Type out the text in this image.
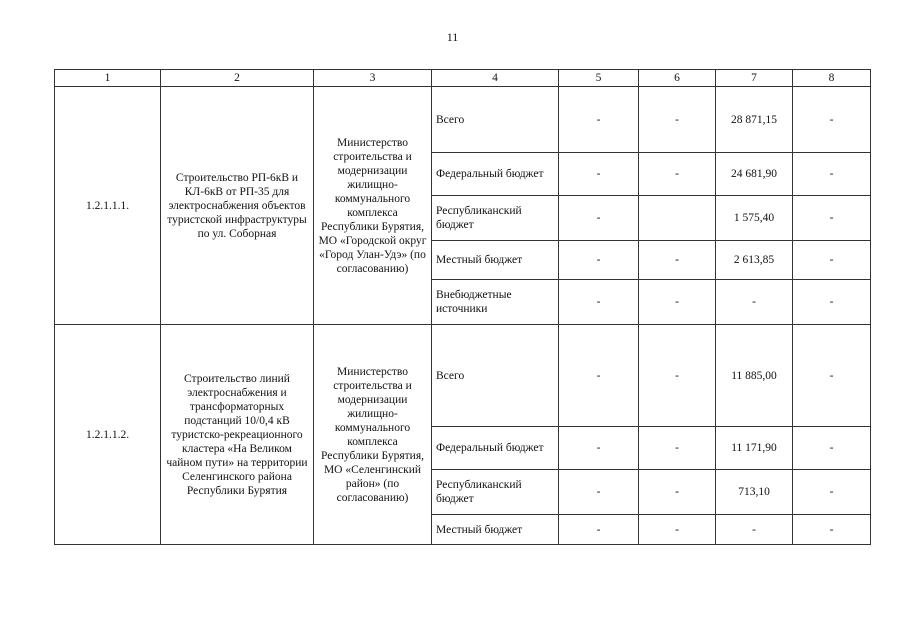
11
1	2	3	4	5	6	7	8
1.2.1.1.1.	Строительство РП-6кВ и КЛ-6кВ от РП-35 для электроснабжения объектов туристской инфраструктуры по ул. Соборная	Министерство строительства и модернизации жилищно-коммунального комплекса Республики Бурятия, МО «Городской округ «Город Улан-Удэ» (по согласованию)	Всего	-	-	28 871,15	-
			Федеральный бюджет	-	-	24 681,90	-
			Республиканский бюджет	-		1 575,40	-
			Местный бюджет	-	-	2 613,85	-
			Внебюджетные источники	-	-	-	-
1.2.1.1.2.	Строительство линий электроснабжения и трансформаторных подстанций 10/0,4 кВ туристско-рекреационного кластера «На Великом чайном пути» на территории Селенгинского района Республики Бурятия	Министерство строительства и модернизации жилищно-коммунального комплекса Республики Бурятия, МО «Селенгинский район» (по согласованию)	Всего	-	-	11 885,00	-
			Федеральный бюджет	-	-	11 171,90	-
			Республиканский бюджет	-	-	713,10	-
			Местный бюджет	-	-	-	-
